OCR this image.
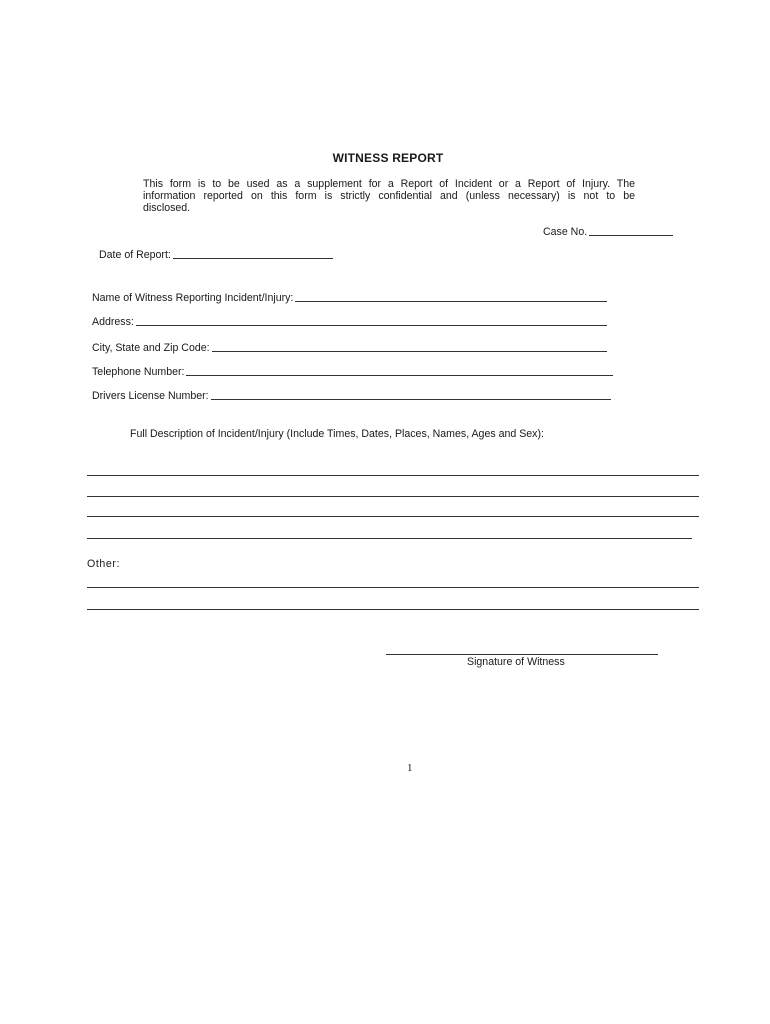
WITNESS REPORT
This form is to be used as a supplement for a Report of Incident or a Report of Injury. The
information reported on this form is strictly confidential and (unless necessary) is not to be
disclosed.
Case No.
Date of Report:
Name of Witness Reporting Incident/Injury:
Address:
City, State and Zip Code:
Telephone Number:
Drivers License Number:
Full Description of Incident/Injury (Include Times, Dates, Places, Names, Ages and Sex):
Other:
Signature of Witness
1
